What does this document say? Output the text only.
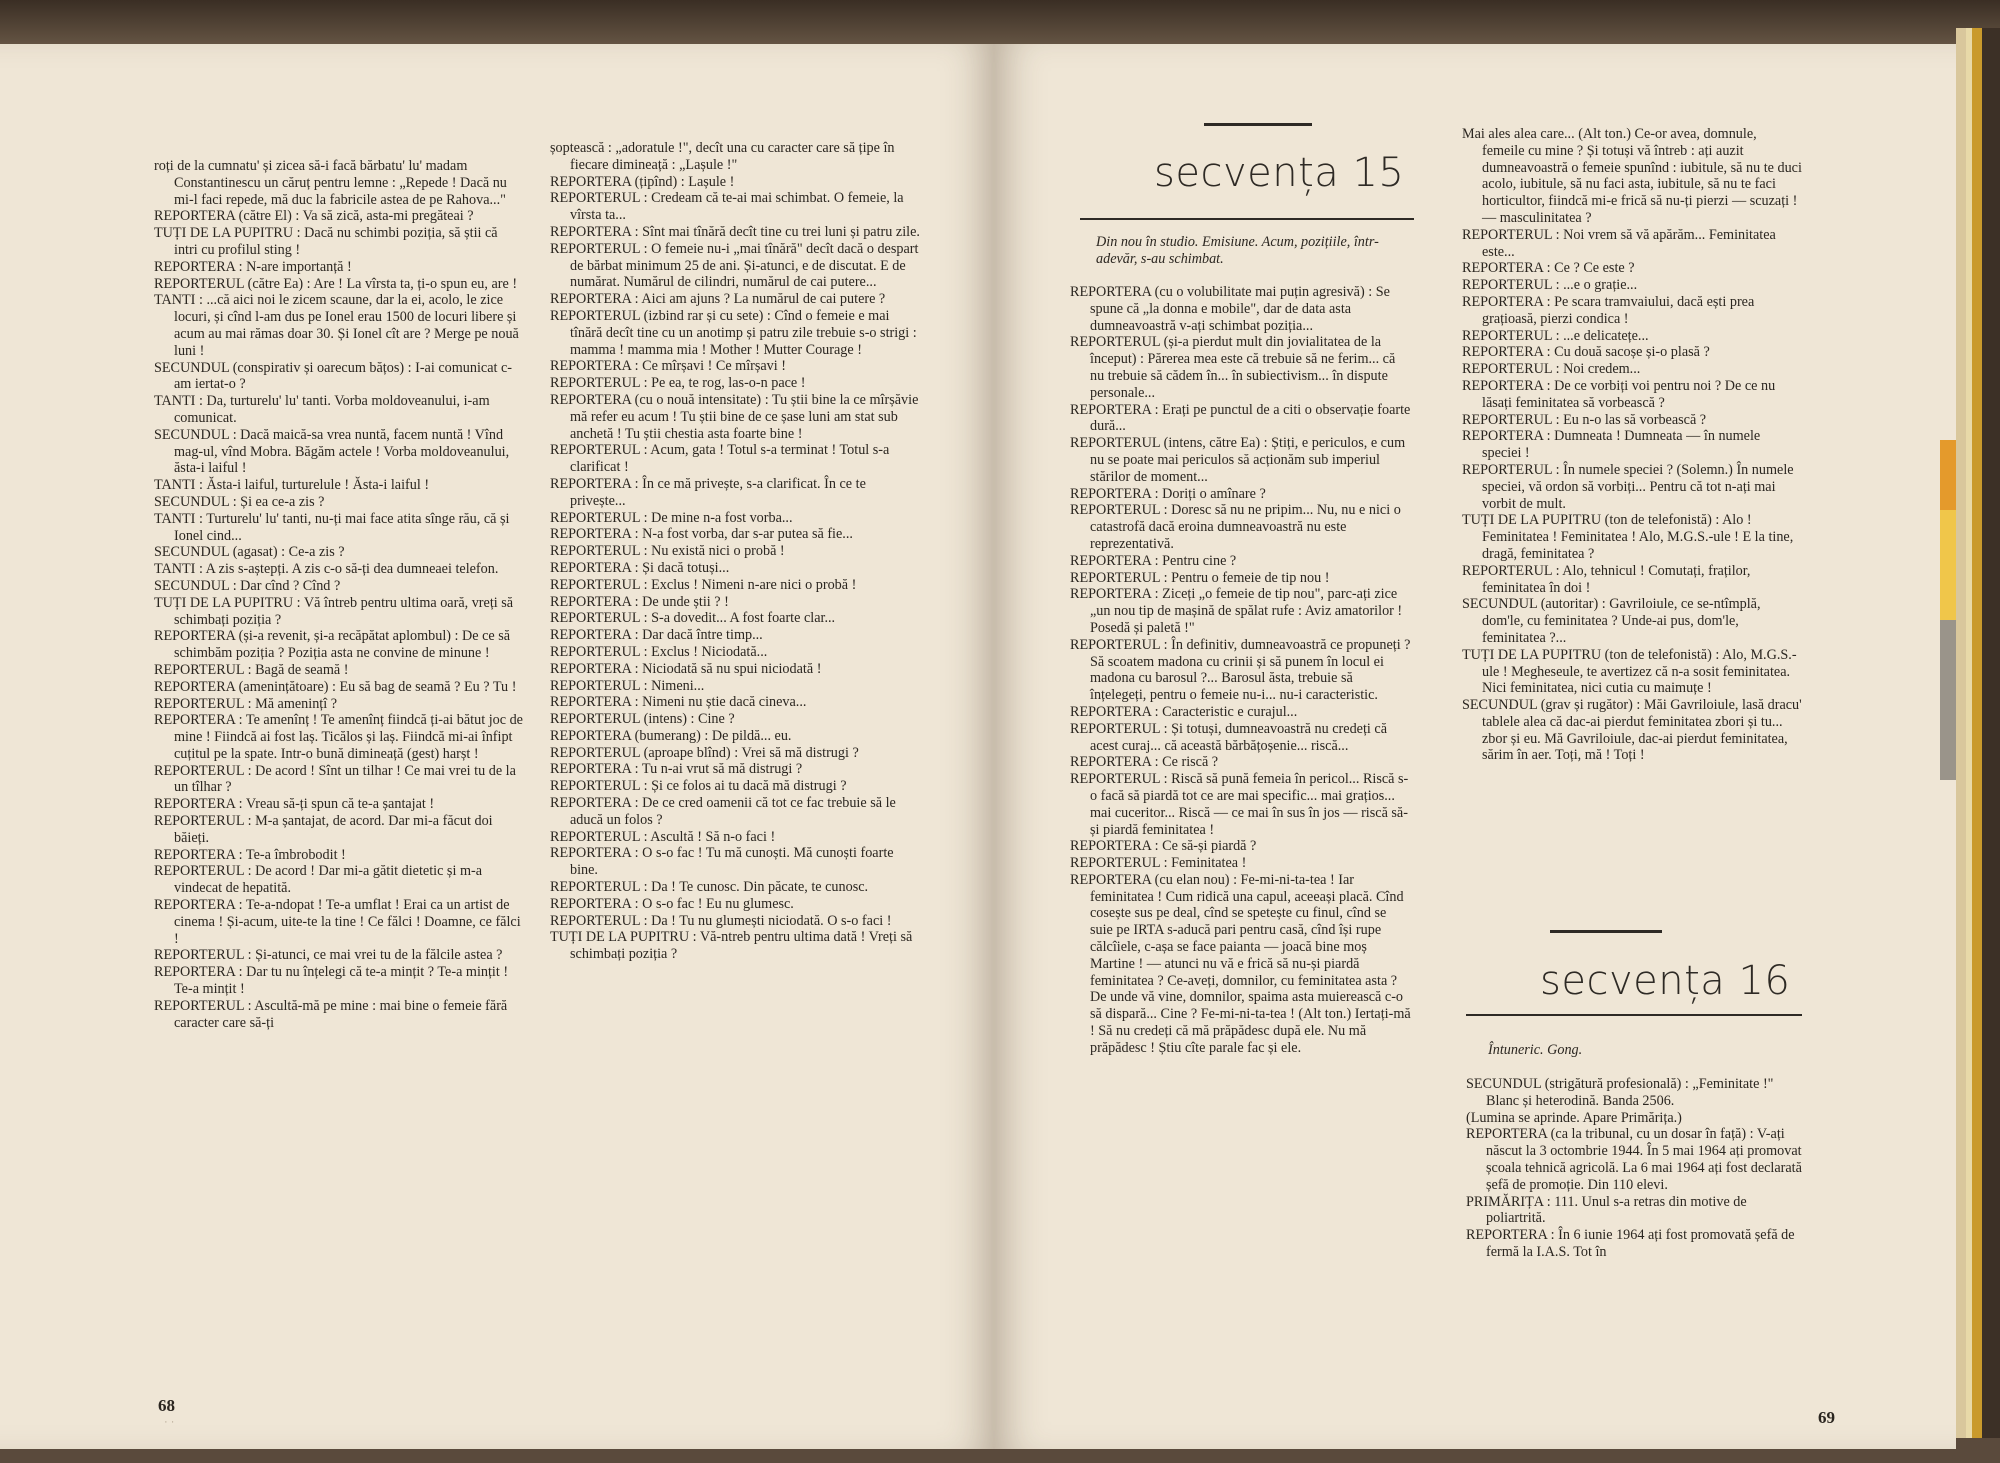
roți de la cumnatu' și zicea să-i facă bărbatu' lu' madam Constantinescu un căruț pentru lemne : „Repede ! Dacă nu mi-l faci repede, mă duc la fabricile astea de pe Rahova..."

REPORTERA (către El) : Va să zică, asta-mi pregăteai ?

TUȚI DE LA PUPITRU : Dacă nu schimbi poziția, să știi că intri cu profilul sting !

REPORTERA : N-are importanță !

REPORTERUL (către Ea) : Are ! La vîrsta ta, ți-o spun eu, are !

TANTI : ...că aici noi le zicem scaune, dar la ei, acolo, le zice locuri, și cînd l-am dus pe Ionel erau 1500 de locuri libere și acum au mai rămas doar 30. Și Ionel cît are ? Merge pe nouă luni !

SECUNDUL (conspirativ și oarecum bățos) : I-ai comunicat c-am iertat-o ?

TANTI : Da, turturelu' lu' tanti. Vorba moldoveanului, i-am comunicat.

SECUNDUL : Dacă maică-sa vrea nuntă, facem nuntă ! Vînd mag-ul, vînd Mobra. Băgăm actele ! Vorba moldoveanului, ăsta-i laiful !

TANTI : Ăsta-i laiful, turturelule ! Ăsta-i laiful !

SECUNDUL : Și ea ce-a zis ?

TANTI : Turturelu' lu' tanti, nu-ți mai face atita sînge rău, că și Ionel cind...

SECUNDUL (agasat) : Ce-a zis ?

TANTI : A zis s-aștepți. A zis c-o să-ți dea dumneaei telefon.

SECUNDUL : Dar cînd ? Cînd ?

TUȚI DE LA PUPITRU : Vă întreb pentru ultima oară, vreți să schimbați poziția ?

REPORTERA (și-a revenit, și-a recăpătat aplombul) : De ce să schimbăm poziția ? Poziția asta ne convine de minune !

REPORTERUL : Bagă de seamă !

REPORTERA (amenințătoare) : Eu să bag de seamă ? Eu ? Tu !

REPORTERUL : Mă amenințî ?

REPORTERA : Te amenînț ! Te amenînț fiindcă ți-ai bătut joc de mine ! Fiindcă ai fost laș. Ticălos și laș. Fiindcă mi-ai înfipt cuțitul pe la spate. Intr-o bună dimineață (gest) harșt !

REPORTERUL : De acord ! Sînt un tilhar ! Ce mai vrei tu de la un tîlhar ?

REPORTERA : Vreau să-ți spun că te-a șantajat !

REPORTERUL : M-a șantajat, de acord. Dar mi-a făcut doi băieți.

REPORTERA : Te-a îmbrobodit !

REPORTERUL : De acord ! Dar mi-a gătit dietetic și m-a vindecat de hepatită.

REPORTERA : Te-a-ndopat ! Te-a umflat ! Erai ca un artist de cinema ! Și-acum, uite-te la tine ! Ce fălci ! Doamne, ce fălci !

REPORTERUL : Și-atunci, ce mai vrei tu de la fălcile astea ?

REPORTERA : Dar tu nu înțelegi că te-a mințit ? Te-a mințit ! Te-a mințit !

REPORTERUL : Ascultă-mă pe mine : mai bine o femeie fără caracter care să-ți

șoptească : „adoratule !", decît una cu caracter care să țipe în fiecare dimineață : „Lașule !"

REPORTERA (țipînd) : Lașule !

REPORTERUL : Credeam că te-ai mai schimbat. O femeie, la vîrsta ta...

REPORTERA : Sînt mai tînără decît tine cu trei luni și patru zile.

REPORTERUL : O femeie nu-i „mai tînără" decît dacă o despart de bărbat minimum 25 de ani. Și-atunci, e de discutat. E de numărat. Numărul de cilindri, numărul de cai putere...

REPORTERA : Aici am ajuns ? La numărul de cai putere ?

REPORTERUL (izbind rar și cu sete) : Cînd o femeie e mai tînără decît tine cu un anotimp și patru zile trebuie s-o strigi : mamma ! mamma mia ! Mother ! Mutter Courage !

REPORTERA : Ce mîrșavi ! Ce mîrșavi !

REPORTERUL : Pe ea, te rog, las-o-n pace !

REPORTERA (cu o nouă intensitate) : Tu știi bine la ce mîrșăvie mă refer eu acum ! Tu știi bine de ce șase luni am stat sub anchetă ! Tu știi chestia asta foarte bine !

REPORTERUL : Acum, gata ! Totul s-a terminat ! Totul s-a clarificat !

REPORTERA : În ce mă privește, s-a clarificat. În ce te privește...

REPORTERUL : De mine n-a fost vorba...

REPORTERA : N-a fost vorba, dar s-ar putea să fie...

REPORTERUL : Nu există nici o probă !

REPORTERA : Și dacă totuși...

REPORTERUL : Exclus ! Nimeni n-are nici o probă !

REPORTERA : De unde știi ? !

REPORTERUL : S-a dovedit... A fost foarte clar...

REPORTERA : Dar dacă între timp...

REPORTERUL : Exclus ! Niciodată...

REPORTERA : Niciodată să nu spui niciodată !

REPORTERUL : Nimeni...

REPORTERA : Nimeni nu știe dacă cineva...

REPORTERUL (intens) : Cine ?

REPORTERA (bumerang) : De pildă... eu.

REPORTERUL (aproape blînd) : Vrei să mă distrugi ?

REPORTERA : Tu n-ai vrut să mă distrugi ?

REPORTERUL : Și ce folos ai tu dacă mă distrugi ?

REPORTERA : De ce cred oamenii că tot ce fac trebuie să le aducă un folos ?

REPORTERUL : Ascultă ! Să n-o faci !

REPORTERA : O s-o fac ! Tu mă cunoști. Mă cunoști foarte bine.

REPORTERUL : Da ! Te cunosc. Din păcate, te cunosc.

REPORTERA : O s-o fac ! Eu nu glumesc.

REPORTERUL : Da ! Tu nu glumești niciodată. O s-o faci !

TUȚI DE LA PUPITRU : Vă-ntreb pentru ultima dată ! Vreți să schimbați poziția ?

68
· ·
secvența 15
Din nou în studio. Emisiune. Acum, pozițiile, într-adevăr, s-au schimbat.

REPORTERA (cu o volubilitate mai puțin agresivă) : Se spune că „la donna e mobile", dar de data asta dumneavoastră v-ați schimbat poziția...

REPORTERUL (și-a pierdut mult din jovialitatea de la început) : Părerea mea este că trebuie să ne ferim... că nu trebuie să cădem în... în subiectivism... în dispute personale...

REPORTERA : Erați pe punctul de a citi o observație foarte dură...

REPORTERUL (intens, către Ea) : Știți, e periculos, e cum nu se poate mai periculos să acționăm sub imperiul stărilor de moment...

REPORTERA : Doriți o amînare ?

REPORTERUL : Doresc să nu ne pripim... Nu, nu e nici o catastrofă dacă eroina dumneavoastră nu este reprezentativă.

REPORTERA : Pentru cine ?

REPORTERUL : Pentru o femeie de tip nou !

REPORTERA : Ziceți „o femeie de tip nou", parc-ați zice „un nou tip de mașină de spălat rufe : Aviz amatorilor ! Posedă și paletă !"

REPORTERUL : În definitiv, dumneavoastră ce propuneți ? Să scoatem madona cu crinii și să punem în locul ei madona cu barosul ?... Barosul ăsta, trebuie să înțelegeți, pentru o femeie nu-i... nu-i caracteristic.

REPORTERA : Caracteristic e curajul...

REPORTERUL : Și totuși, dumneavoastră nu credeți că acest curaj... că această bărbățoșenie... riscă...

REPORTERA : Ce riscă ?

REPORTERUL : Riscă să pună femeia în pericol... Riscă s-o facă să piardă tot ce are mai specific... mai grațios... mai cuceritor... Riscă — ce mai în sus în jos — riscă să-și piardă feminitatea !

REPORTERA : Ce să-și piardă ?

REPORTERUL : Feminitatea !

REPORTERA (cu elan nou) : Fe-mi-ni-ta-tea ! Iar feminitatea ! Cum ridică una capul, aceeași placă. Cînd cosește sus pe deal, cînd se spetește cu finul, cînd se suie pe IRTA s-aducă pari pentru casă, cînd își rupe călcîiele, c-așa se face paianta — joacă bine moș Martine ! — atunci nu vă e frică să nu-și piardă feminitatea ? Ce-aveți, domnilor, cu feminitatea asta ? De unde vă vine, domnilor, spaima asta muierească c-o să dispară... Cine ? Fe-mi-ni-ta-tea ! (Alt ton.) Iertați-mă ! Să nu credeți că mă prăpădesc după ele. Nu mă prăpădesc ! Știu cîte parale fac și ele.

Mai ales alea care... (Alt ton.) Ce-or avea, domnule, femeile cu mine ? Și totuși vă întreb : ați auzit dumneavoastră o femeie spunînd : iubitule, să nu te duci acolo, iubitule, să nu faci asta, iubitule, să nu te faci horticultor, fiindcă mi-e frică să nu-ți pierzi — scuzați ! — masculinitatea ?

REPORTERUL : Noi vrem să vă apărăm... Feminitatea este...

REPORTERA : Ce ? Ce este ?

REPORTERUL : ...e o grație...

REPORTERA : Pe scara tramvaiului, dacă ești prea grațioasă, pierzi condica !

REPORTERUL : ...e delicatețe...

REPORTERA : Cu două sacoșe și-o plasă ?

REPORTERUL : Noi credem...

REPORTERA : De ce vorbiți voi pentru noi ? De ce nu lăsați feminitatea să vorbească ?

REPORTERUL : Eu n-o las să vorbească ?

REPORTERA : Dumneata ! Dumneata — în numele speciei !

REPORTERUL : În numele speciei ? (Solemn.) În numele speciei, vă ordon să vorbiți... Pentru că tot n-ați mai vorbit de mult.

TUȚI DE LA PUPITRU (ton de telefonistă) : Alo ! Feminitatea ! Feminitatea ! Alo, M.G.S.-ule ! E la tine, dragă, feminitatea ?

REPORTERUL : Alo, tehnicul ! Comutați, fraților, feminitatea în doi !

SECUNDUL (autoritar) : Gavriloiule, ce se-ntîmplă, dom'le, cu feminitatea ? Unde-ai pus, dom'le, feminitatea ?...

TUȚI DE LA PUPITRU (ton de telefonistă) : Alo, M.G.S.-ule ! Megheseule, te avertizez că n-a sosit feminitatea. Nici feminitatea, nici cutia cu maimuțe !

SECUNDUL (grav și rugător) : Măi Gavriloiule, lasă dracu' tablele alea că dac-ai pierdut feminitatea zbori și tu... zbor și eu. Mă Gavriloiule, dac-ai pierdut feminitatea, sărim în aer. Toți, mă ! Toți !

secvența 16
Întuneric. Gong.

SECUNDUL (strigătură profesională) : „Feminitate !" Blanc și heterodină. Banda 2506.

(Lumina se aprinde. Apare Primărița.)

REPORTERA (ca la tribunal, cu un dosar în față) : V-ați născut la 3 octombrie 1944. În 5 mai 1964 ați promovat școala tehnică agricolă. La 6 mai 1964 ați fost declarată șefă de promoție. Din 110 elevi.

PRIMĂRIȚA : 111. Unul s-a retras din motive de poliartrită.

REPORTERA : În 6 iunie 1964 ați fost promovată șefă de fermă la I.A.S. Tot în

69
